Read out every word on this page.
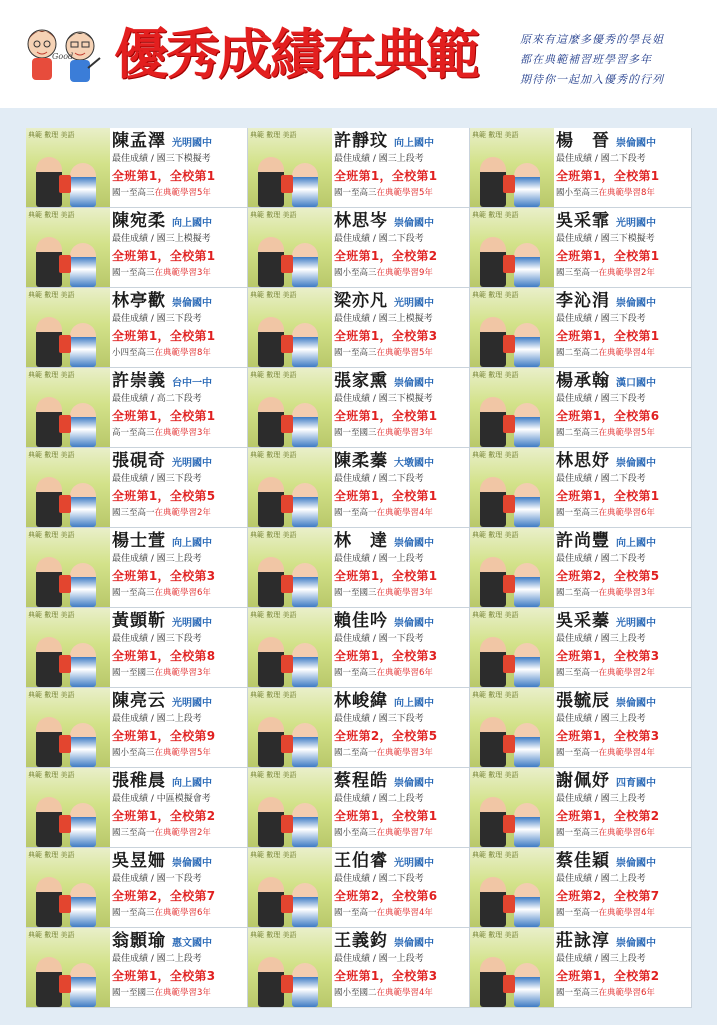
Good 優秀成績在典範	原來有這麼多優秀的學長姐
都在典範補習班學習多年
期待你一起加入優秀的行列
典範 數理 美語 陳孟澤 光明國中
最佳成績 / 國三下模擬考
全班第1，全校第1
國一至高三在典範學習5年
典範 數理 美語 許靜玟 向上國中
最佳成績 / 國三上段考
全班第1，全校第1
國一至高三在典範學習5年
典範 數理 美語 楊　晉 崇倫國中
最佳成績 / 國二下段考
全班第1，全校第1
國小至高三在典範學習8年
典範 數理 美語 陳宛柔 向上國中
最佳成績 / 國三上模擬考
全班第1，全校第1
國一至高三在典範學習3年
典範 數理 美語 林思岑 崇倫國中
最佳成績 / 國二下段考
全班第1，全校第2
國小至高三在典範學習9年
典範 數理 美語 吳采霏 光明國中
最佳成績 / 國三下模擬考
全班第1，全校第1
國三至高一在典範學習2年
典範 數理 美語 林亭歡 崇倫國中
最佳成績 / 國三下段考
全班第1，全校第1
小四至高三在典範學習8年
典範 數理 美語 梁亦凡 光明國中
最佳成績 / 國三上模擬考
全班第1，全校第3
國一至高三在典範學習5年
典範 數理 美語 李沁涓 崇倫國中
最佳成績 / 國三下段考
全班第1，全校第1
國二至高二在典範學習4年
典範 數理 美語 許崇義 台中一中
最佳成績 / 高二下段考
全班第1，全校第1
高一至高三在典範學習3年
典範 數理 美語 張家熏 崇倫國中
最佳成績 / 國三下模擬考
全班第1，全校第1
國一至國三在典範學習3年
典範 數理 美語 楊承翰 漢口國中
最佳成績 / 國三下段考
全班第1，全校第6
國二至高三在典範學習5年
典範 數理 美語 張硯奇 光明國中
最佳成績 / 國三下段考
全班第1，全校第5
國三至高一在典範學習2年
典範 數理 美語 陳柔蓁 大墩國中
最佳成績 / 國二下段考
全班第1，全校第1
國一至高一在典範學習4年
典範 數理 美語 林思妤 崇倫國中
最佳成績 / 國二下段考
全班第1，全校第1
國一至高三在典範學習6年
典範 數理 美語 楊士萱 向上國中
最佳成績 / 國三上段考
全班第1，全校第3
國一至高三在典範學習6年
典範 數理 美語 林　達 崇倫國中
最佳成績 / 國一上段考
全班第1，全校第1
國一至國三在典範學習3年
典範 數理 美語 許尚豐 向上國中
最佳成績 / 國二下段考
全班第2，全校第5
國二至高一在典範學習3年
典範 數理 美語 黃顗靳 光明國中
最佳成績 / 國三下段考
全班第1，全校第8
國一至國三在典範學習3年
典範 數理 美語 賴佳吟 崇倫國中
最佳成績 / 國一下段考
全班第1，全校第3
國一至高三在典範學習6年
典範 數理 美語 吳采蓁 光明國中
最佳成績 / 國三上段考
全班第1，全校第3
國三至高一在典範學習2年
典範 數理 美語 陳亮云 光明國中
最佳成績 / 國二上段考
全班第1，全校第9
國小至高三在典範學習5年
典範 數理 美語 林峻緯 向上國中
最佳成績 / 國三下段考
全班第2，全校第5
國二至高一在典範學習3年
典範 數理 美語 張毓辰 崇倫國中
最佳成績 / 國三上段考
全班第1，全校第3
國一至高一在典範學習4年
典範 數理 美語 張稚晨 向上國中
最佳成績 / 中區模擬會考
全班第1，全校第2
國三至高一在典範學習2年
典範 數理 美語 蔡程皓 崇倫國中
最佳成績 / 國二上段考
全班第1，全校第1
國小至高三在典範學習7年
典範 數理 美語 謝佩妤 四育國中
最佳成績 / 國三上段考
全班第1，全校第2
國一至高三在典範學習6年
典範 數理 美語 吳昱姍 崇倫國中
最佳成績 / 國一下段考
全班第2，全校第7
國一至高三在典範學習6年
典範 數理 美語 王伯睿 光明國中
最佳成績 / 國二下段考
全班第2，全校第6
國一至高一在典範學習4年
典範 數理 美語 蔡佳穎 崇倫國中
最佳成績 / 國二上段考
全班第2，全校第7
國一至高一在典範學習4年
典範 數理 美語 翁顥瑜 惠文國中
最佳成績 / 國二上段考
全班第1，全校第3
國一至國三在典範學習3年
典範 數理 美語 王義鈞 崇倫國中
最佳成績 / 國一上段考
全班第1，全校第3
國小至國二在典範學習4年
典範 數理 美語 莊詠淳 崇倫國中
最佳成績 / 國三上段考
全班第1，全校第2
國一至高三在典範學習6年
